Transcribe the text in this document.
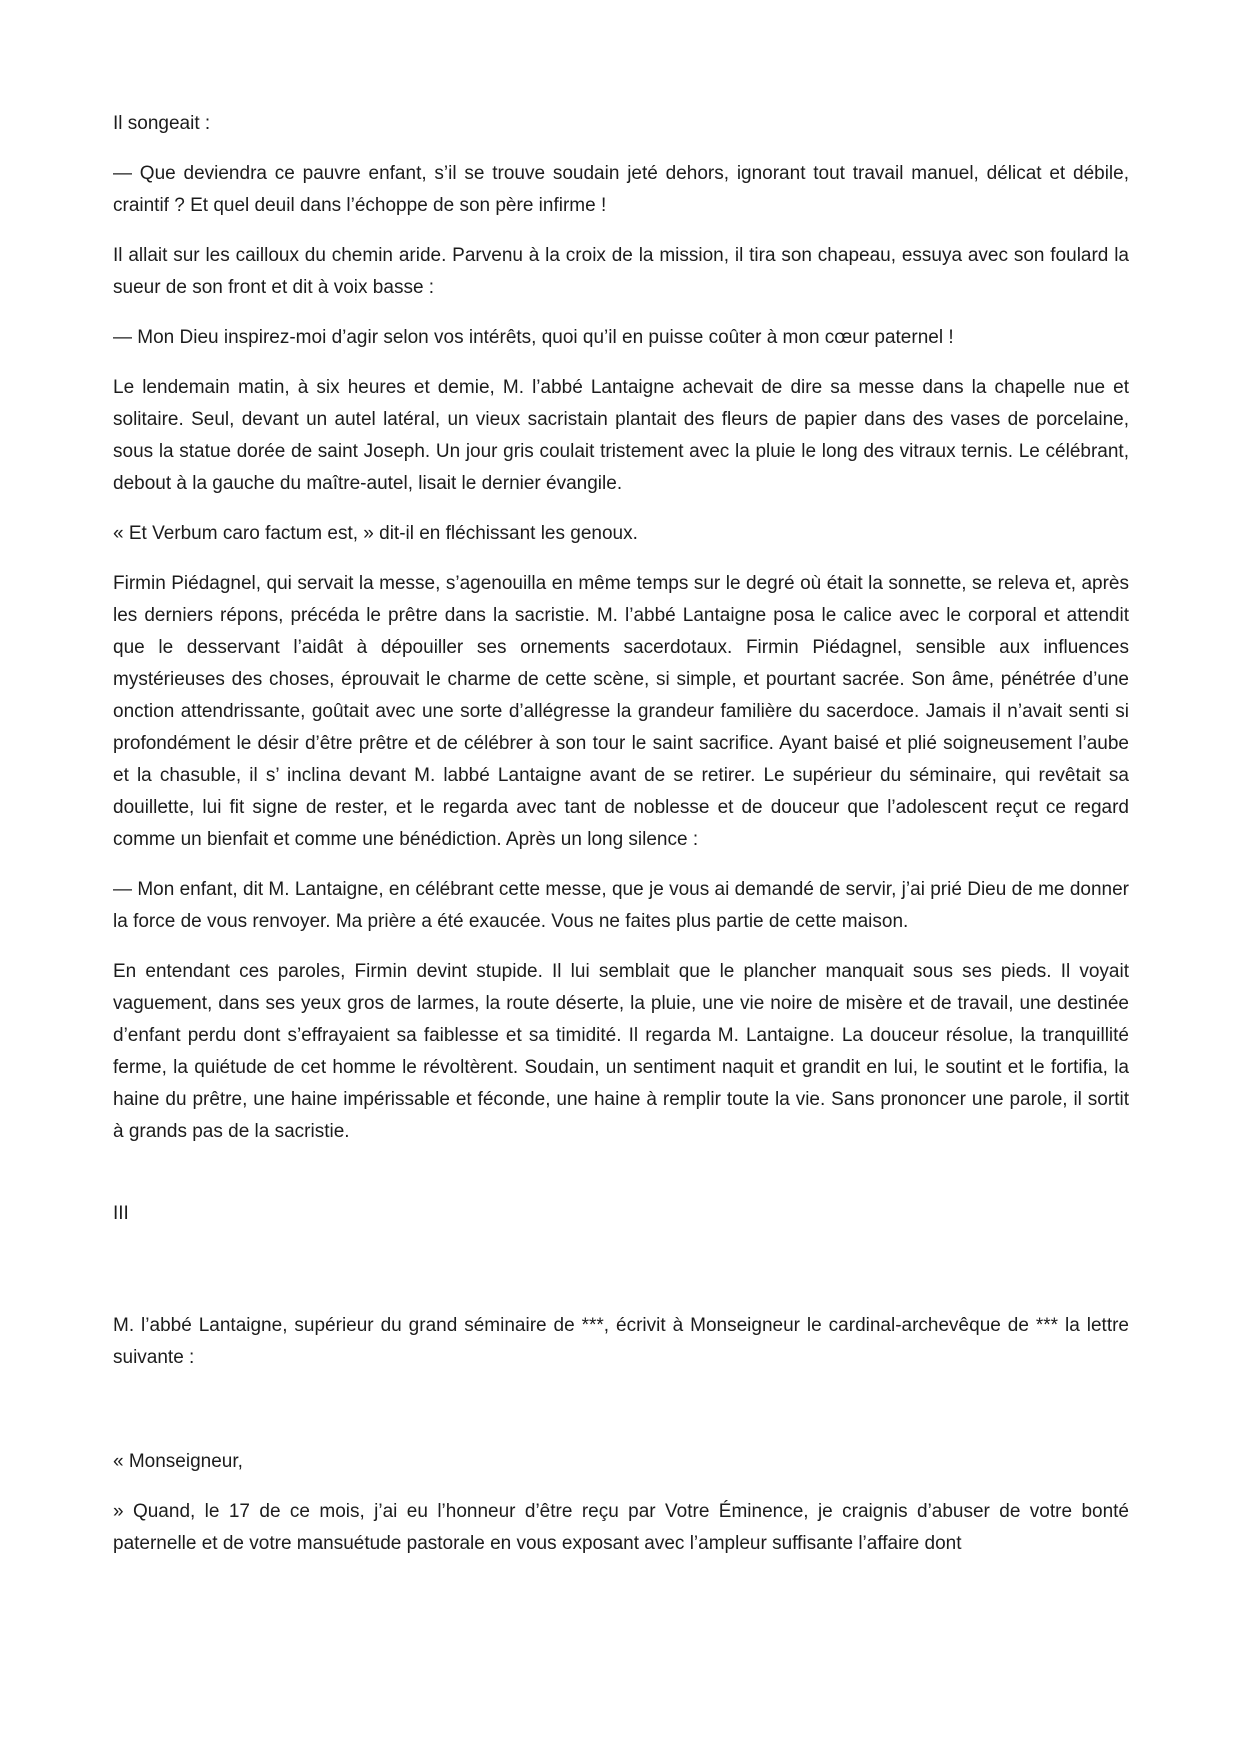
Il songeait :

— Que deviendra ce pauvre enfant, s’il se trouve soudain jeté dehors, ignorant tout travail manuel, délicat et débile, craintif ? Et quel deuil dans l’échoppe de son père infirme !

Il allait sur les cailloux du chemin aride. Parvenu à la croix de la mission, il tira son chapeau, essuya avec son foulard la sueur de son front et dit à voix basse :

— Mon Dieu inspirez-moi d’agir selon vos intérêts, quoi qu’il en puisse coûter à mon cœur paternel !

Le lendemain matin, à six heures et demie, M. l’abbé Lantaigne achevait de dire sa messe dans la chapelle nue et solitaire. Seul, devant un autel latéral, un vieux sacristain plantait des fleurs de papier dans des vases de porcelaine, sous la statue dorée de saint Joseph. Un jour gris coulait tristement avec la pluie le long des vitraux ternis. Le célébrant, debout à la gauche du maître-autel, lisait le dernier évangile.

« Et Verbum caro factum est, » dit-il en fléchissant les genoux.

Firmin Piédagnel, qui servait la messe, s’agenouilla en même temps sur le degré où était la sonnette, se releva et, après les derniers répons, précéda le prêtre dans la sacristie. M. l’abbé Lantaigne posa le calice avec le corporal et attendit que le desservant l’aidât à dépouiller ses ornements sacerdotaux. Firmin Piédagnel, sensible aux influences mystérieuses des choses, éprouvait le charme de cette scène, si simple, et pourtant sacrée. Son âme, pénétrée d’une onction attendrissante, goûtait avec une sorte d’allégresse la grandeur familière du sacerdoce. Jamais il n’avait senti si profondément le désir d’être prêtre et de célébrer à son tour le saint sacrifice. Ayant baisé et plié soigneusement l’aube et la chasuble, il s’ inclina devant M. labbé Lantaigne avant de se retirer. Le supérieur du séminaire, qui revêtait sa douillette, lui fit signe de rester, et le regarda avec tant de noblesse et de douceur que l’adolescent reçut ce regard comme un bienfait et comme une bénédiction. Après un long silence :

— Mon enfant, dit M. Lantaigne, en célébrant cette messe, que je vous ai demandé de servir, j’ai prié Dieu de me donner la force de vous renvoyer. Ma prière a été exaucée. Vous ne faites plus partie de cette maison.

En entendant ces paroles, Firmin devint stupide. Il lui semblait que le plancher manquait sous ses pieds. Il voyait vaguement, dans ses yeux gros de larmes, la route déserte, la pluie, une vie noire de misère et de travail, une destinée d’enfant perdu dont s’effrayaient sa faiblesse et sa timidité. Il regarda M. Lantaigne. La douceur résolue, la tranquillité ferme, la quiétude de cet homme le révoltèrent. Soudain, un sentiment naquit et grandit en lui, le soutint et le fortifia, la haine du prêtre, une haine impérissable et féconde, une haine à remplir toute la vie. Sans prononcer une parole, il sortit à grands pas de la sacristie.

III

M. l’abbé Lantaigne, supérieur du grand séminaire de ***, écrivit à Monseigneur le cardinal-archevêque de *** la lettre suivante :

« Monseigneur,

» Quand, le 17 de ce mois, j’ai eu l’honneur d’être reçu par Votre Éminence, je craignis d’abuser de votre bonté paternelle et de votre mansuétude pastorale en vous exposant avec l’ampleur suffisante l’affaire dont
